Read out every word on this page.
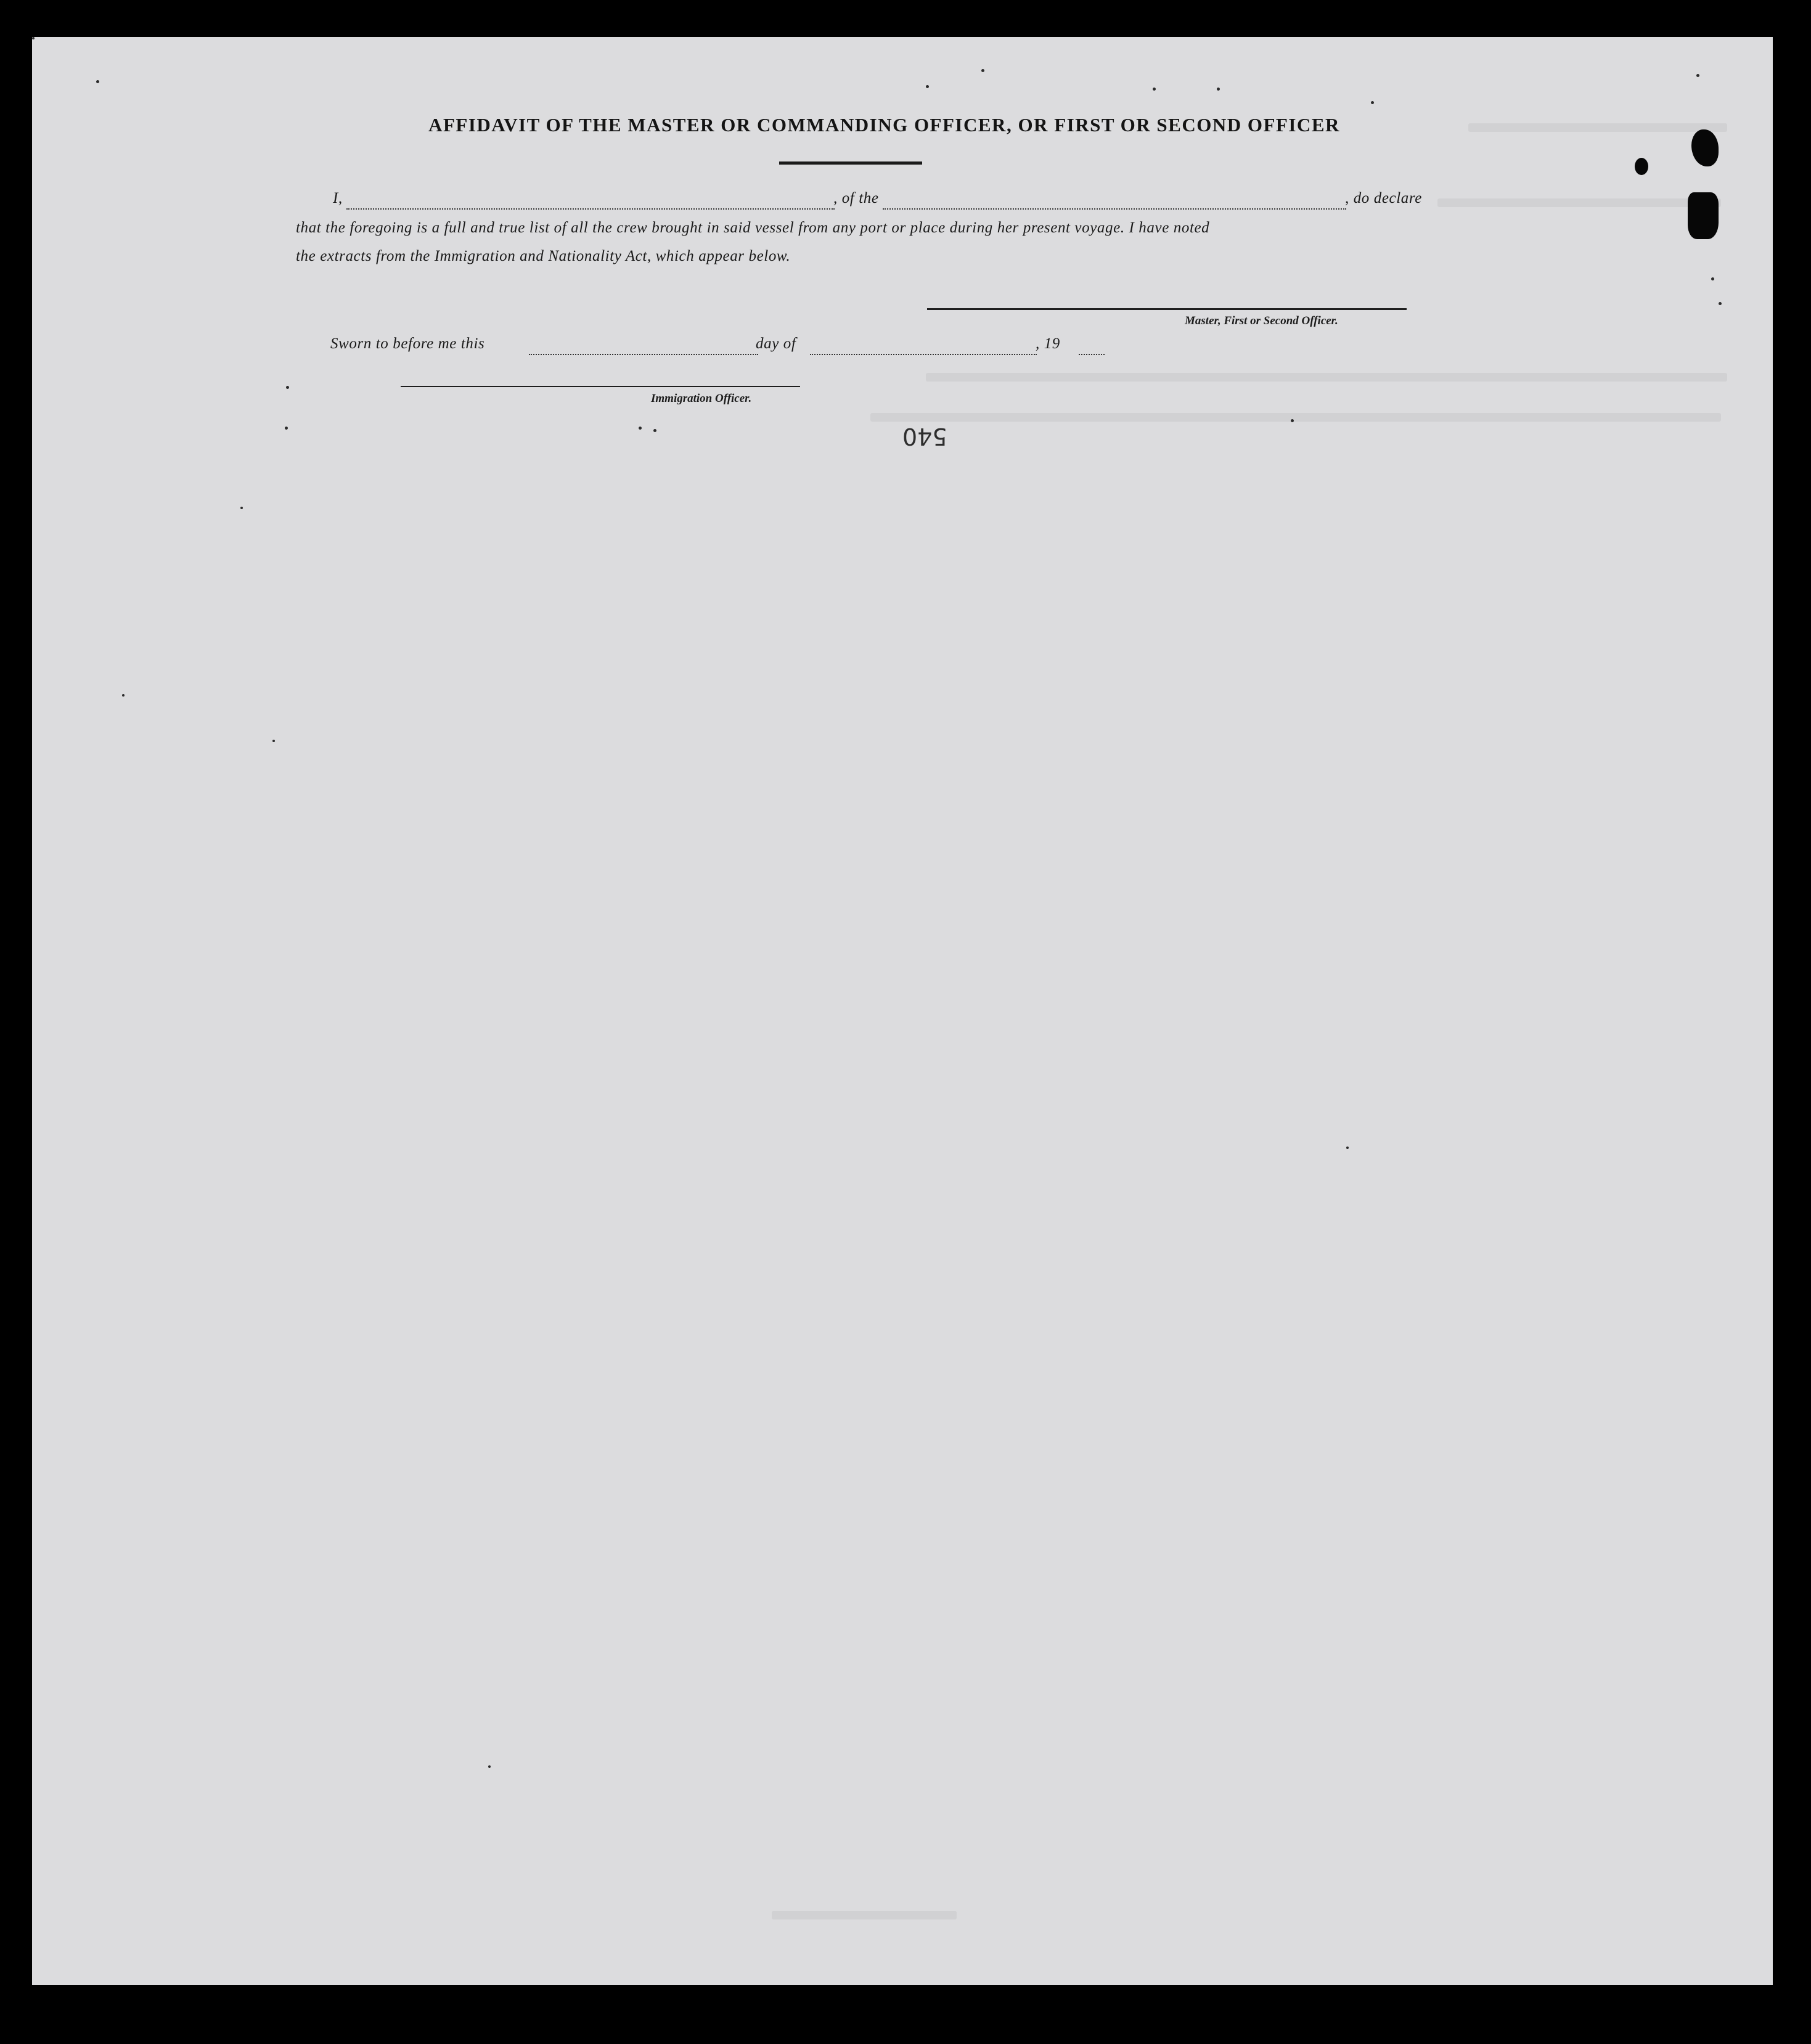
AFFIDAVIT OF THE MASTER OR COMMANDING OFFICER, OR FIRST OR SECOND OFFICER
I,	, of the	, do declare
that the foregoing is a full and true list of all the crew brought in said vessel from any port or place during her present voyage. I have noted
the extracts from the Immigration and Nationality Act, which appear below.
Master, First or Second Officer.
Sworn to before me this	day of	, 19
Immigration Officer.
540
